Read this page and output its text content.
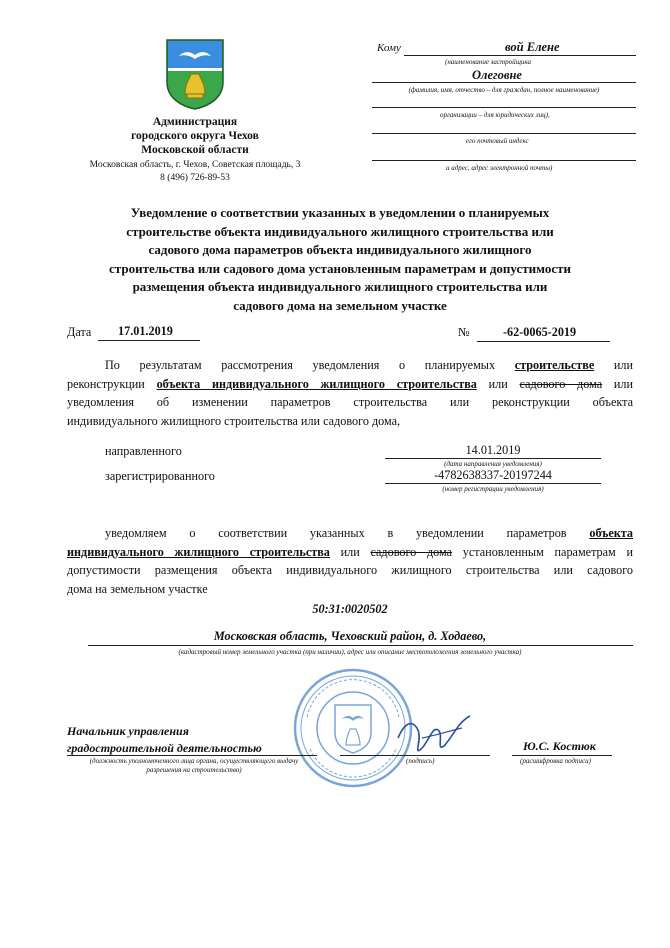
Администрация
городского округа Чехов
Московской области
Московская область, г. Чехов, Советская площадь, 3
8 (496) 726-89-53
Кому	вой Елене
(наименование застройщика
Олеговне
(фамилия, имя, отчество – для граждан, полное наименование)
организации – для юридических лиц),
его почтовый индекс
и адрес, адрес электронной почты)
Уведомление о соответствии указанных в уведомлении о планируемых
строительстве объекта индивидуального жилищного строительства или
садового дома параметров объекта индивидуального жилищного
строительства или садового дома установленным параметрам и допустимости
размещения объекта индивидуального жилищного строительства или
садового дома на земельном участке
Дата 17.01.2019	№	-62-0065-2019
По результатам рассмотрения уведомления о планируемых строительстве или
реконструкции объекта индивидуального жилищного строительства или садового дома или
уведомления об изменении параметров строительства или реконструкции объекта
индивидуального жилищного строительства или садового дома,
направленного	14.01.2019
(дата направления уведомления)
зарегистрированного	-4782638337-20197244
(номер регистрации уведомления)
уведомляем о соответствии указанных в уведомлении параметров объекта
индивидуального жилищного строительства или садового дома установленным параметрам и
допустимости размещения объекта индивидуального жилищного строительства или садового
дома на земельном участке
50:31:0020502
Московская область, Чеховский район, д. Ходаево,
(кадастровый номер земельного участка (при наличии), адрес или описание местоположения земельного участка)
Начальник управления
градостроительной деятельностью
(должность уполномоченного лица органа, осуществляющего выдачу разрешения на строительство)
(подпись)
Ю.С. Костюк
(расшифровка подписи)
